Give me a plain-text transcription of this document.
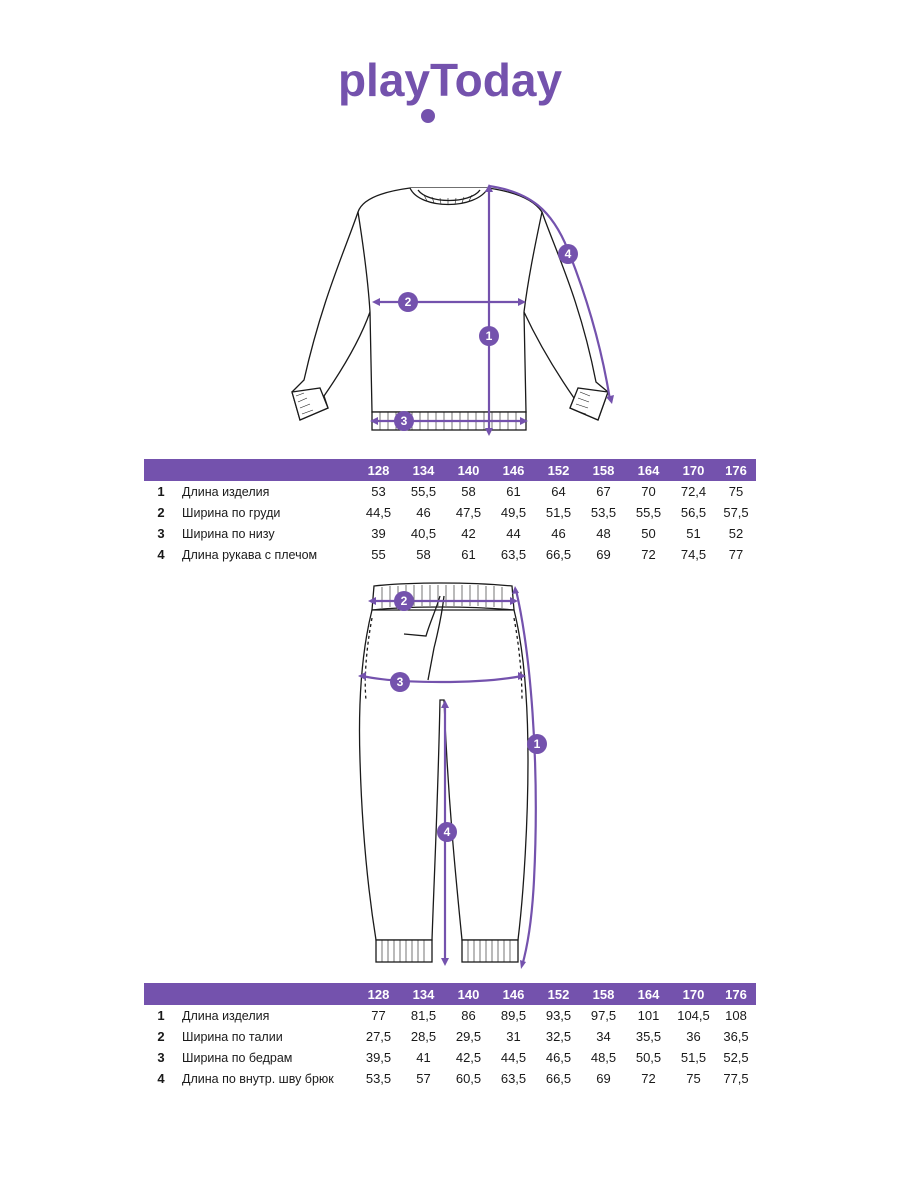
playToday
1
2
3
4
		128	134	140	146	152	158	164	170	176
1	Длина изделия	53	55,5	58	61	64	67	70	72,4	75
2	Ширина по груди	44,5	46	47,5	49,5	51,5	53,5	55,5	56,5	57,5
3	Ширина по низу	39	40,5	42	44	46	48	50	51	52
4	Длина рукава с плечом	55	58	61	63,5	66,5	69	72	74,5	77
1
2
3
4
		128	134	140	146	152	158	164	170	176
1	Длина изделия	77	81,5	86	89,5	93,5	97,5	101	104,5	108
2	Ширина по талии	27,5	28,5	29,5	31	32,5	34	35,5	36	36,5
3	Ширина по бедрам	39,5	41	42,5	44,5	46,5	48,5	50,5	51,5	52,5
4	Длина по внутр. шву брюк	53,5	57	60,5	63,5	66,5	69	72	75	77,5
